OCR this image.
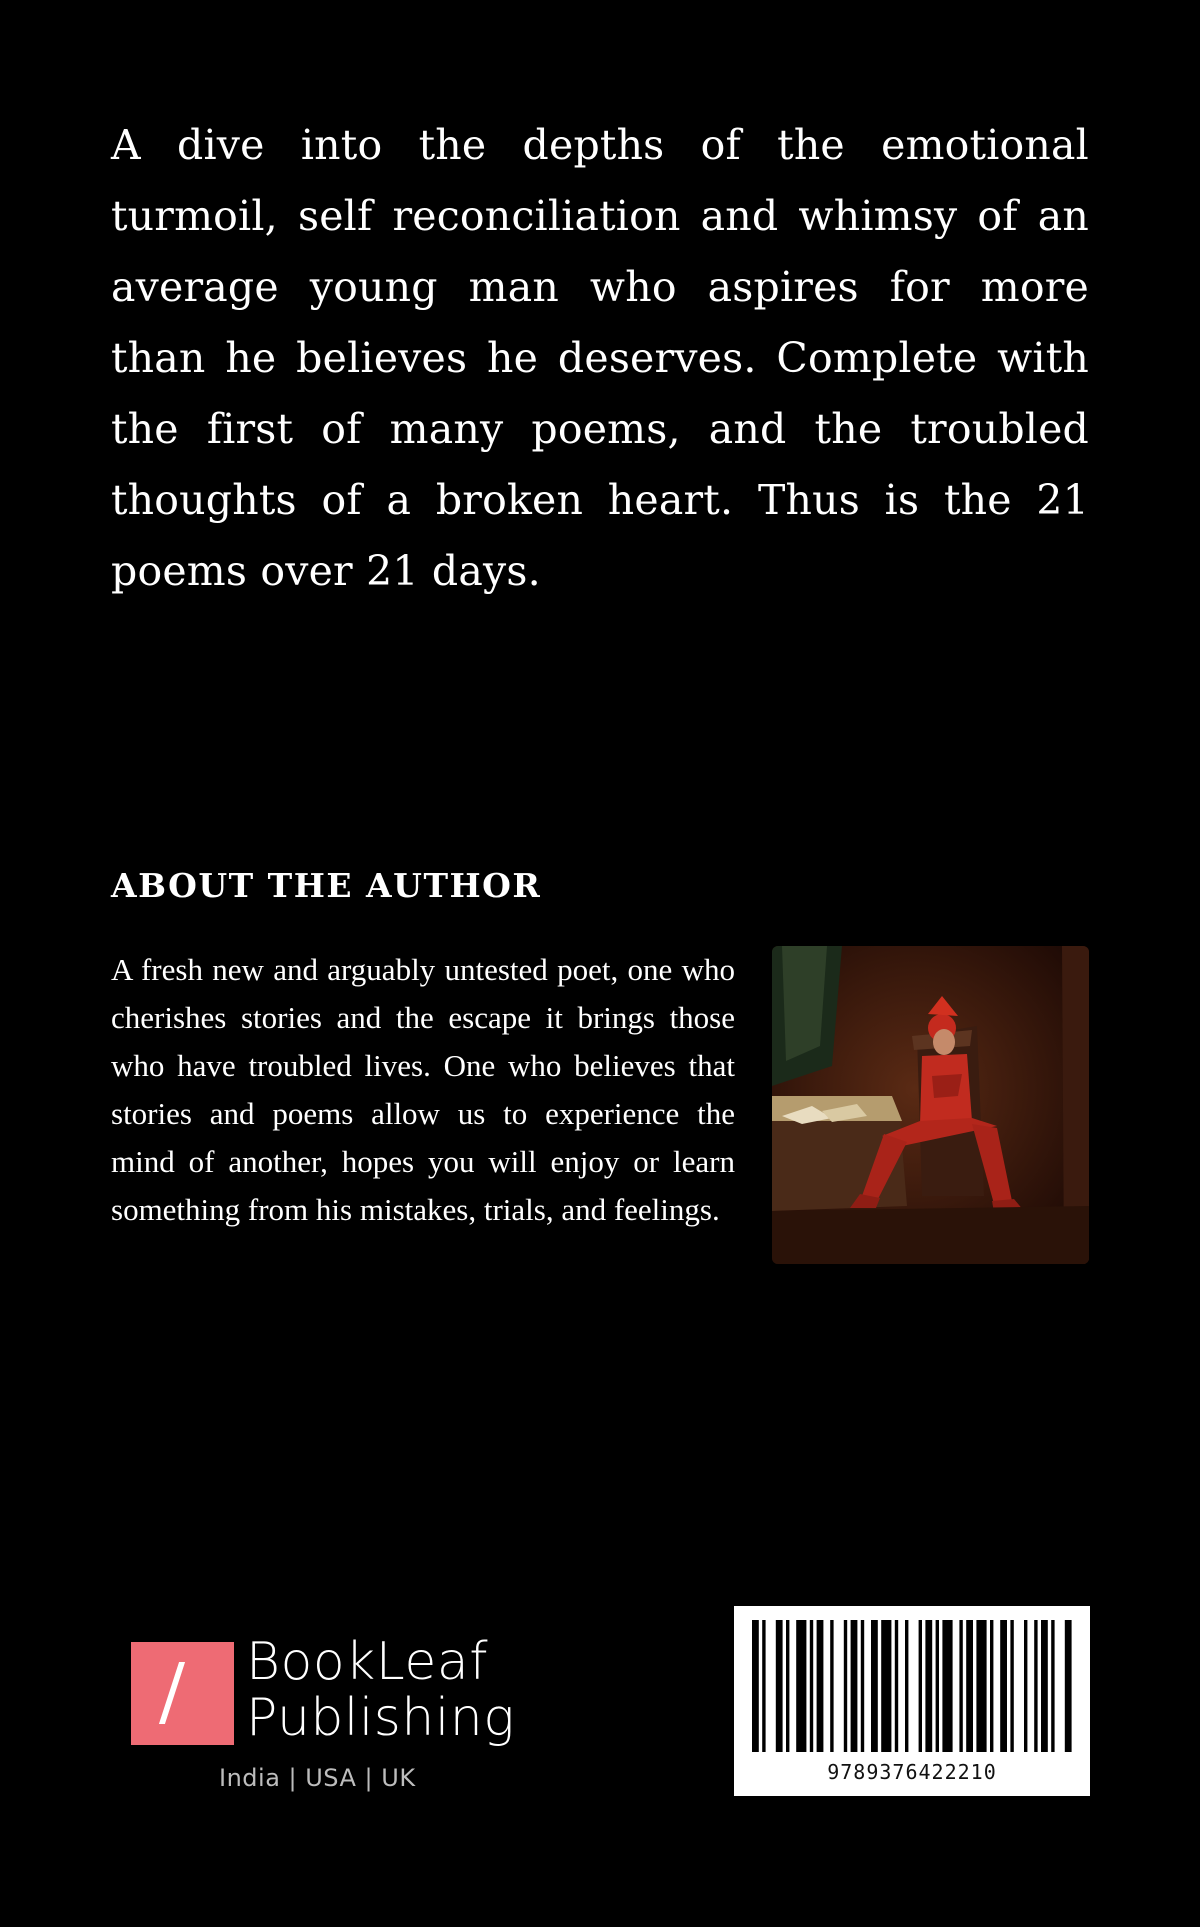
A dive into the depths of the emotional turmoil, self reconciliation and whimsy of an average young man who aspires for more than he believes he deserves. Complete with the first of many poems, and the troubled thoughts of a broken heart. Thus is the 21 poems over 21 days.

ABOUT THE AUTHOR

A fresh new and arguably untested poet, one who cherishes stories and the escape it brings those who have troubled lives. One who believes that stories and poems allow us to experience the mind of another, hopes you will enjoy or learn something from his mistakes, trials, and feelings.

BookLeaf
Publishing
India | USA | UK	9789376422210
